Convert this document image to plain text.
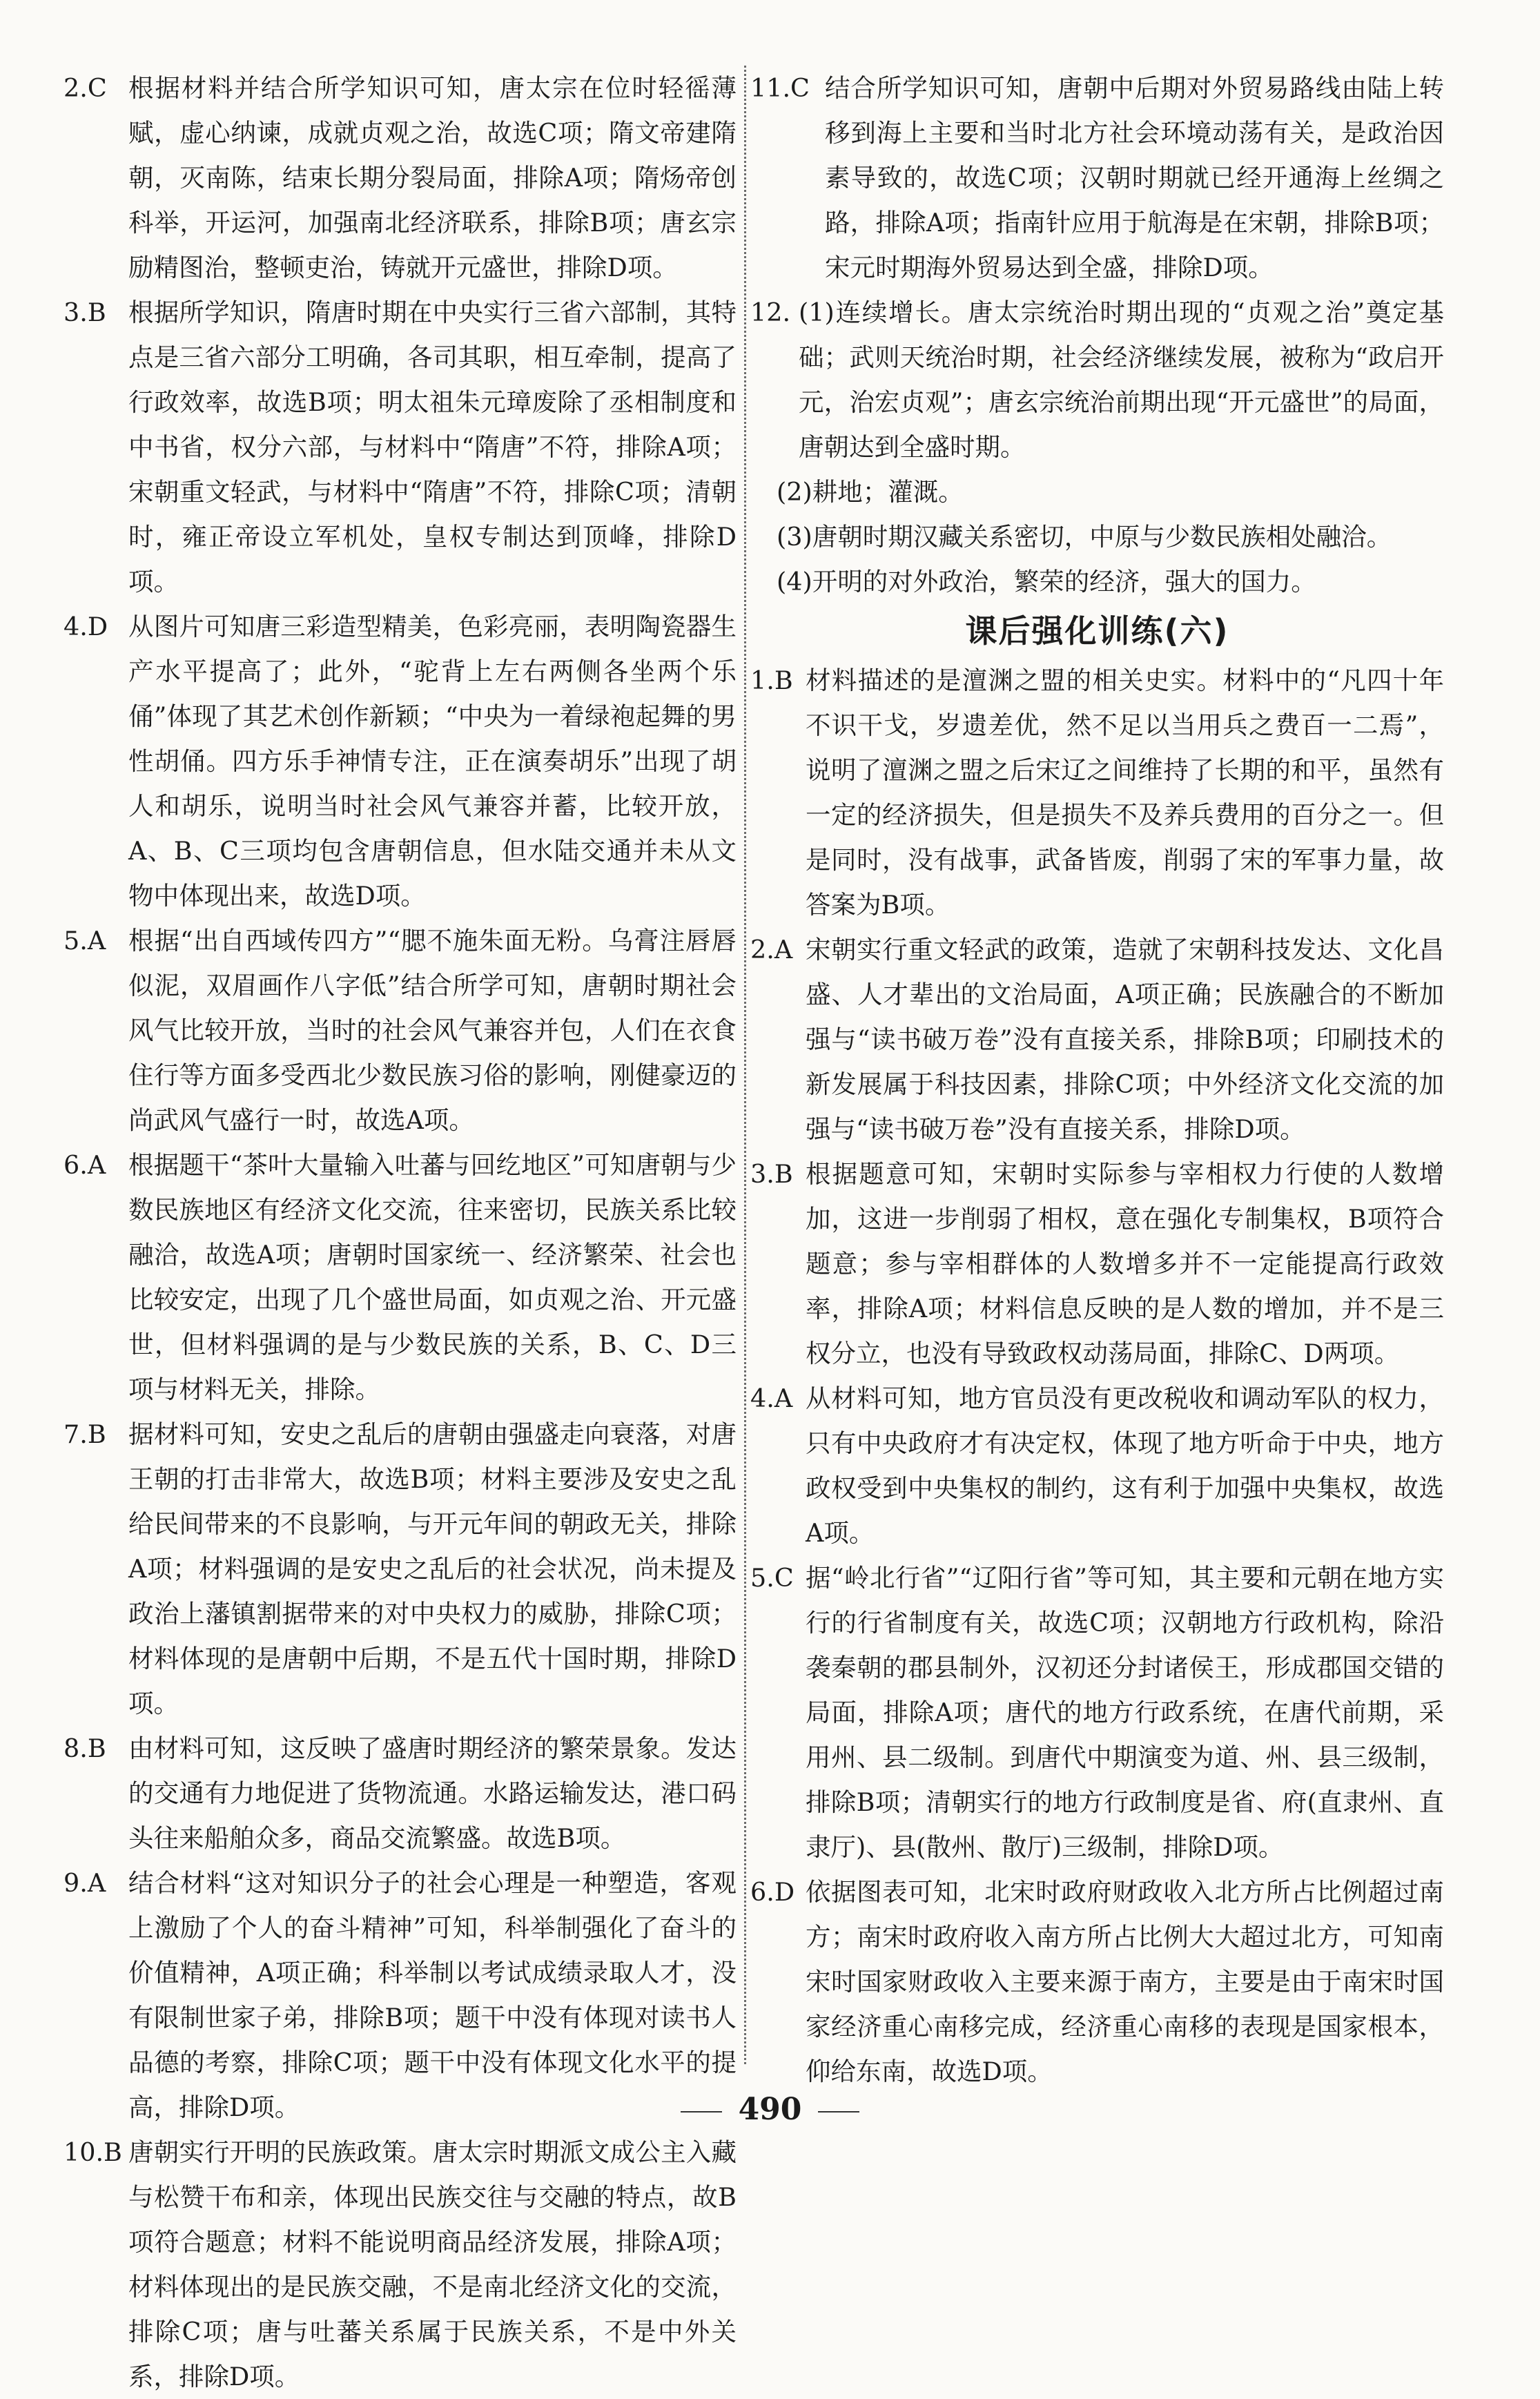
2.C 根据材料并结合所学知识可知，唐太宗在位时轻徭薄赋，虚心纳谏，成就贞观之治，故选C项；隋文帝建隋朝，灭南陈，结束长期分裂局面，排除A项；隋炀帝创科举，开运河，加强南北经济联系，排除B项；唐玄宗励精图治，整顿吏治，铸就开元盛世，排除D项。

3.B 根据所学知识，隋唐时期在中央实行三省六部制，其特点是三省六部分工明确，各司其职，相互牵制，提高了行政效率，故选B项；明太祖朱元璋废除了丞相制度和中书省，权分六部，与材料中“隋唐”不符，排除A项；宋朝重文轻武，与材料中“隋唐”不符，排除C项；清朝时，雍正帝设立军机处，皇权专制达到顶峰，排除D项。

4.D 从图片可知唐三彩造型精美，色彩亮丽，表明陶瓷器生产水平提高了；此外，“驼背上左右两侧各坐两个乐俑”体现了其艺术创作新颖；“中央为一着绿袍起舞的男性胡俑。四方乐手神情专注，正在演奏胡乐”出现了胡人和胡乐，说明当时社会风气兼容并蓄，比较开放，A、B、C三项均包含唐朝信息，但水陆交通并未从文物中体现出来，故选D项。

5.A 根据“出自西域传四方”“腮不施朱面无粉。乌膏注唇唇似泥，双眉画作八字低”结合所学可知，唐朝时期社会风气比较开放，当时的社会风气兼容并包，人们在衣食住行等方面多受西北少数民族习俗的影响，刚健豪迈的尚武风气盛行一时，故选A项。

6.A 根据题干“茶叶大量输入吐蕃与回纥地区”可知唐朝与少数民族地区有经济文化交流，往来密切，民族关系比较融洽，故选A项；唐朝时国家统一、经济繁荣、社会也比较安定，出现了几个盛世局面，如贞观之治、开元盛世，但材料强调的是与少数民族的关系，B、C、D三项与材料无关，排除。

7.B 据材料可知，安史之乱后的唐朝由强盛走向衰落，对唐王朝的打击非常大，故选B项；材料主要涉及安史之乱给民间带来的不良影响，与开元年间的朝政无关，排除A项；材料强调的是安史之乱后的社会状况，尚未提及政治上藩镇割据带来的对中央权力的威胁，排除C项；材料体现的是唐朝中后期，不是五代十国时期，排除D项。

8.B 由材料可知，这反映了盛唐时期经济的繁荣景象。发达的交通有力地促进了货物流通。水路运输发达，港口码头往来船舶众多，商品交流繁盛。故选B项。

9.A 结合材料“这对知识分子的社会心理是一种塑造，客观上激励了个人的奋斗精神”可知，科举制强化了奋斗的价值精神，A项正确；科举制以考试成绩录取人才，没有限制世家子弟，排除B项；题干中没有体现对读书人品德的考察，排除C项；题干中没有体现文化水平的提高，排除D项。

10.B 唐朝实行开明的民族政策。唐太宗时期派文成公主入藏与松赞干布和亲，体现出民族交往与交融的特点，故B项符合题意；材料不能说明商品经济发展，排除A项；材料体现出的是民族交融，不是南北经济文化的交流，排除C项；唐与吐蕃关系属于民族关系，不是中外关系，排除D项。

11.C 结合所学知识可知，唐朝中后期对外贸易路线由陆上转移到海上主要和当时北方社会环境动荡有关，是政治因素导致的，故选C项；汉朝时期就已经开通海上丝绸之路，排除A项；指南针应用于航海是在宋朝，排除B项；宋元时期海外贸易达到全盛，排除D项。

12. (1)连续增长。唐太宗统治时期出现的“贞观之治”奠定基础；武则天统治时期，社会经济继续发展，被称为“政启开元，治宏贞观”；唐玄宗统治前期出现“开元盛世”的局面，唐朝达到全盛时期。

(2)耕地；灌溉。

(3)唐朝时期汉藏关系密切，中原与少数民族相处融洽。

(4)开明的对外政治，繁荣的经济，强大的国力。

课后强化训练(六)

1.B 材料描述的是澶渊之盟的相关史实。材料中的“凡四十年不识干戈，岁遗差优，然不足以当用兵之费百一二焉”，说明了澶渊之盟之后宋辽之间维持了长期的和平，虽然有一定的经济损失，但是损失不及养兵费用的百分之一。但是同时，没有战事，武备皆废，削弱了宋的军事力量，故答案为B项。

2.A 宋朝实行重文轻武的政策，造就了宋朝科技发达、文化昌盛、人才辈出的文治局面，A项正确；民族融合的不断加强与“读书破万卷”没有直接关系，排除B项；印刷技术的新发展属于科技因素，排除C项；中外经济文化交流的加强与“读书破万卷”没有直接关系，排除D项。

3.B 根据题意可知，宋朝时实际参与宰相权力行使的人数增加，这进一步削弱了相权，意在强化专制集权，B项符合题意；参与宰相群体的人数增多并不一定能提高行政效率，排除A项；材料信息反映的是人数的增加，并不是三权分立，也没有导致政权动荡局面，排除C、D两项。

4.A 从材料可知，地方官员没有更改税收和调动军队的权力，只有中央政府才有决定权，体现了地方听命于中央，地方政权受到中央集权的制约，这有利于加强中央集权，故选A项。

5.C 据“岭北行省”“辽阳行省”等可知，其主要和元朝在地方实行的行省制度有关，故选C项；汉朝地方行政机构，除沿袭秦朝的郡县制外，汉初还分封诸侯王，形成郡国交错的局面，排除A项；唐代的地方行政系统，在唐代前期，采用州、县二级制。到唐代中期演变为道、州、县三级制，排除B项；清朝实行的地方行政制度是省、府(直隶州、直隶厅)、县(散州、散厅)三级制，排除D项。

6.D 依据图表可知，北宋时政府财政收入北方所占比例超过南方；南宋时政府收入南方所占比例大大超过北方，可知南宋时国家财政收入主要来源于南方，主要是由于南宋时国家经济重心南移完成，经济重心南移的表现是国家根本，仰给东南，故选D项。

490
